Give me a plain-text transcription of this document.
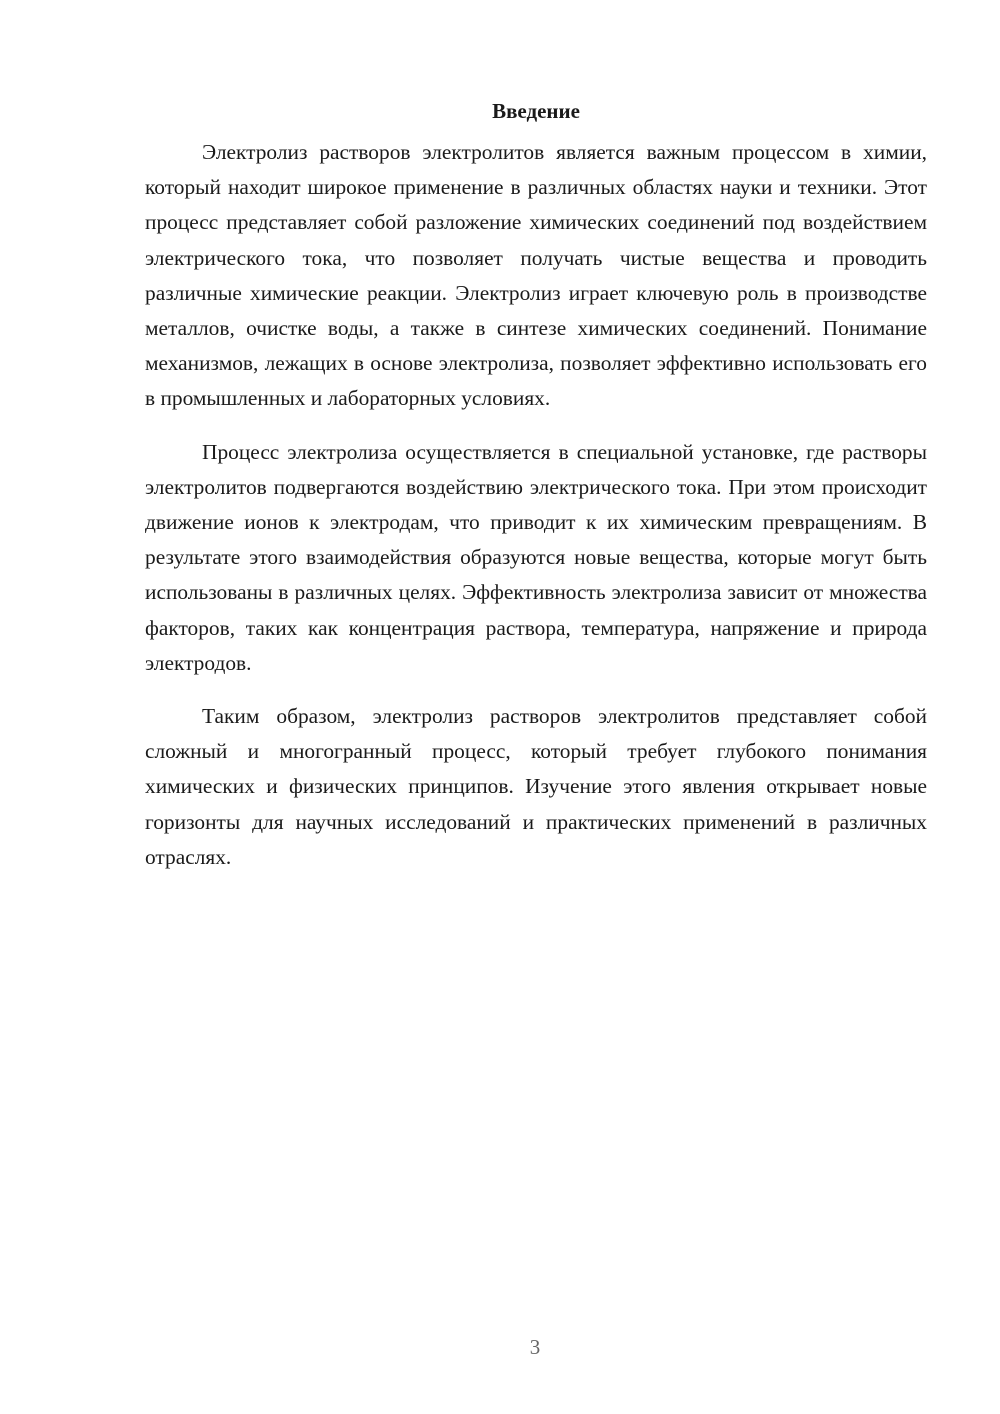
Введение

Электролиз растворов электролитов является важным процессом в химии, который находит широкое применение в различных областях науки и техники. Этот процесс представляет собой разложение химических соединений под воздействием электрического тока, что позволяет получать чистые вещества и проводить различные химические реакции. Электролиз играет ключевую роль в производстве металлов, очистке воды, а также в синтезе химических соединений. Понимание механизмов, лежащих в основе электролиза, позволяет эффективно использовать его в промышленных и лабораторных условиях.

Процесс электролиза осуществляется в специальной установке, где растворы электролитов подвергаются воздействию электрического тока. При этом происходит движение ионов к электродам, что приводит к их химическим превращениям. В результате этого взаимодействия образуются новые вещества, которые могут быть использованы в различных целях. Эффективность электролиза зависит от множества факторов, таких как концентрация раствора, температура, напряжение и природа электродов.

Таким образом, электролиз растворов электролитов представляет собой сложный и многогранный процесс, который требует глубокого понимания химических и физических принципов. Изучение этого явления открывает новые горизонты для научных исследований и практических применений в различных отраслях.

3
